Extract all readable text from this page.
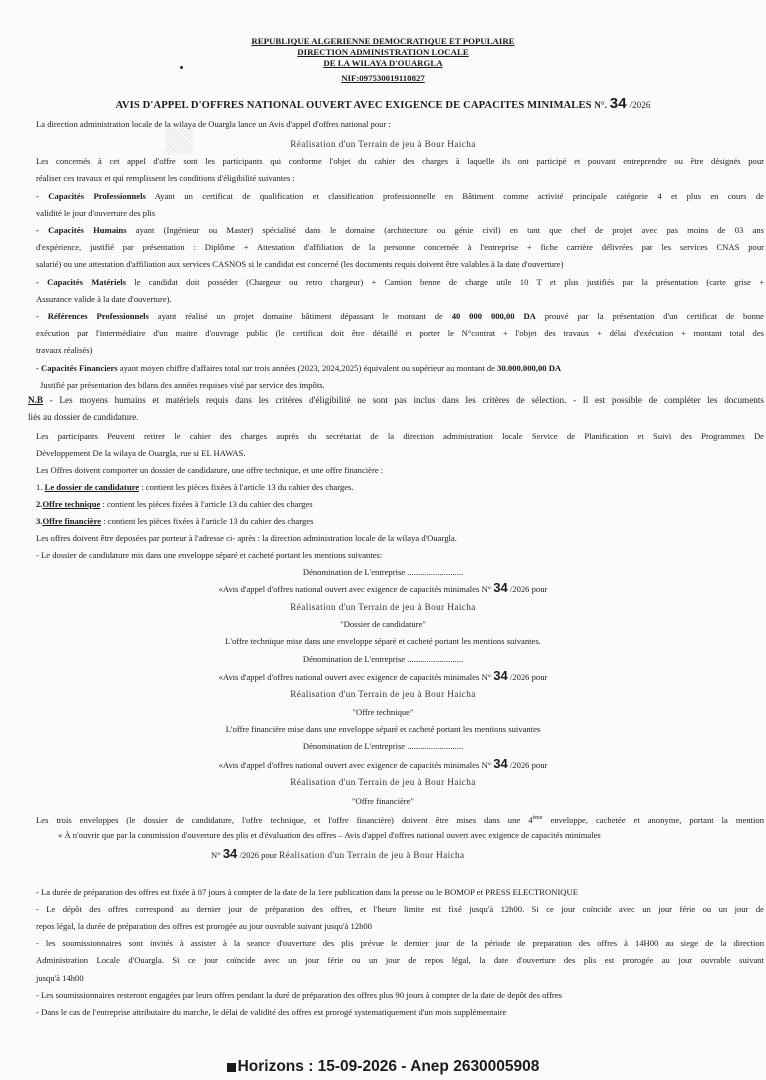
REPUBLIQUE ALGERIENNE DEMOCRATIQUE ET POPULAIRE
DIRECTION ADMINISTRATION LOCALE
DE LA WILAYA D'OUARGLA
NIF:097530019110827
AVIS D'APPEL D'OFFRES NATIONAL OUVERT AVEC EXIGENCE DE CAPACITES MINIMALES N°. 34 /2026
La direction administration locale de la wilaya de Ouargla lance un Avis d'appel d'offres national pour :
Réalisation d'un Terrain de jeu à Bour Haicha
Les concernés à cet appel d'offre sont les participants qui conforme l'objet du cahier des charges à laquelle ils ont participé et pouvant entreprendre ou être désignés pour
réaliser ces travaux et qui remplissent les conditions d'éligibilité suivantes :
- Capacités Professionnels Ayant un certificat de qualification et classification professionnelle en Bâtiment comme activité principale catégorie 4 et plus en cours de
validité le jour d'ouverture des plis
- Capacités Humains ayant (Ingénieur ou Master) spécialisé dans le domaine (architecture ou génie civil) en tant que chef de projet avec pas moins de 03 ans
d'expérience, justifié par présentation : Diplôme + Attestation d'affiliation de la personne concernée à l'entreprise + fiche carrière délivrées par les services CNAS pour
salarié) ou une attestation d'affiliation aux services CASNOS si le candidat est concerné (les documents requis doivent être valables à la date d'ouverture)
- Capacités Matériels le candidat doit posséder (Chargeur ou retro chargeur) + Camion benne de charge utile 10 T et plus justifiés par la présentation (carte grise +
Assurance valide à la date d'ouverture).
- Références Professionnels ayant réalisé un projet domaine bâtiment dépassant le montant de 40 000 000,00 DA prouvé par la présentation d'un certificat de bonne
exécution par l'intermédiaire d'un maitre d'ouvrage public (le certificat doit être détaillé et porter le N°contrat + l'objet des travaux + délai d'exécution + montant total des
travaux réalisés)
- Capacités Financiers ayant moyen chiffre d'affaires total sur trois années (2023, 2024,2025) équivalent ou supérieur au montant de 30.000.000,00 DA
Justifié par présentation des bilans des années requises visé par service des impôts.
N.B - Les moyens humains et matériels requis dans les critères d'éligibilité ne sont pas inclus dans les critères de sélection. - Il est possible de compléter les documents
liés au dossier de candidature.
Les participants Peuvent retirer le cahier des charges auprès du secrétariat de la direction administration locale Service de Planification et Suivi des Programmes De
Développement De la wilaya de Ouargla, rue si EL HAWAS.
Les Offres doivent comporter un dossier de candidature, une offre technique, et une offre financière :
1. Le dossier de candidature : contient les pièces fixées à l'article 13 du cahier des charges.
2.Offre technique : contient les pièces fixées à l'article 13 du cahier des charges
3.Offre financière : contient les pièces fixées à l'article 13 du cahier des charges
Les offres doivent être deposées par porteur à l'adresse ci- après : la direction administration locale de la wilaya d'Ouargla.
- Le dossier de candidature mis dans une enveloppe séparé et cacheté portant les mentions suivantes:
Dénomination de L'entreprise ..........................
«Avis d'appel d'offres national ouvert avec exigence de capacités minimales N° 34 /2026 pour
Réalisation d'un Terrain de jeu à Bour Haicha
"Dossier de candidature"
L'offre technique mise dans une enveloppe séparé et cacheté portant les mentions suivantes.
Dénomination de L'entreprise ..........................
«Avis d'appel d'offres national ouvert avec exigence de capacités minimales N° 34 /2026 pour
Réalisation d'un Terrain de jeu à Bour Haicha
"Offre technique"
L'offre financière mise dans une enveloppe séparé et cacheté portant les mentions suivantes
Dénomination de L'entreprise ..........................
«Avis d'appel d'offres national ouvert avec exigence de capacités minimales N° 34 /2026 pour
Réalisation d'un Terrain de jeu à Bour Haicha
"Offre financière"
Les trois enveloppes (le dossier de candidature, l'offre technique, et l'offre financière) doivent être mises dans une 4ème enveloppe, cachetée et anonyme, portant la mention
« À n'ouvrir que par la commission d'ouverture des plis et d'évaluation des offres – Avis d'appel d'offres national ouvert avec exigence de capacités minimales
N° 34 /2026 pour Réalisation d'un Terrain de jeu à Bour Haicha
- La durée de préparation des offres est fixée à 07 jours à compter de la date de la 1ere publication dans la presse ou le BOMOP et PRESS ELECTRONIQUE
- Le dépôt des offres correspond au dernier jour de préparation des offres, et l'heure limite est fixé jusqu'à 12h00. Si ce jour coïncide avec un jour férie ou un jour de
repos légal, la durée de préparation des offres est prorogée au jour ouvrable suivant jusqu'à 12h00
- les soumissionnaires sont invités à assister à la seance d'ouverture des plis prévue le dernier jour de la période de preparation des offres à 14H00 au siege de la direction
Administration Locale d'Ouargla. Si ce jour coïncide avec un jour férie ou un jour de repos légal, la date d'ouverture des plis est prorogée au jour ouvrable suivant
jusqu'à 14h00
- Les soumissionnaires resteront engagées par leurs offres pendant la duré de préparation des offres plus 90 jours à compter de la date de depôt des offres
- Dans le cas de l'entreprise attributaire du marche, le délai de validité des offres est prorogé systematiquement d'un mois supplémentaire
Horizons : 15-09-2026 - Anep 2630005908
